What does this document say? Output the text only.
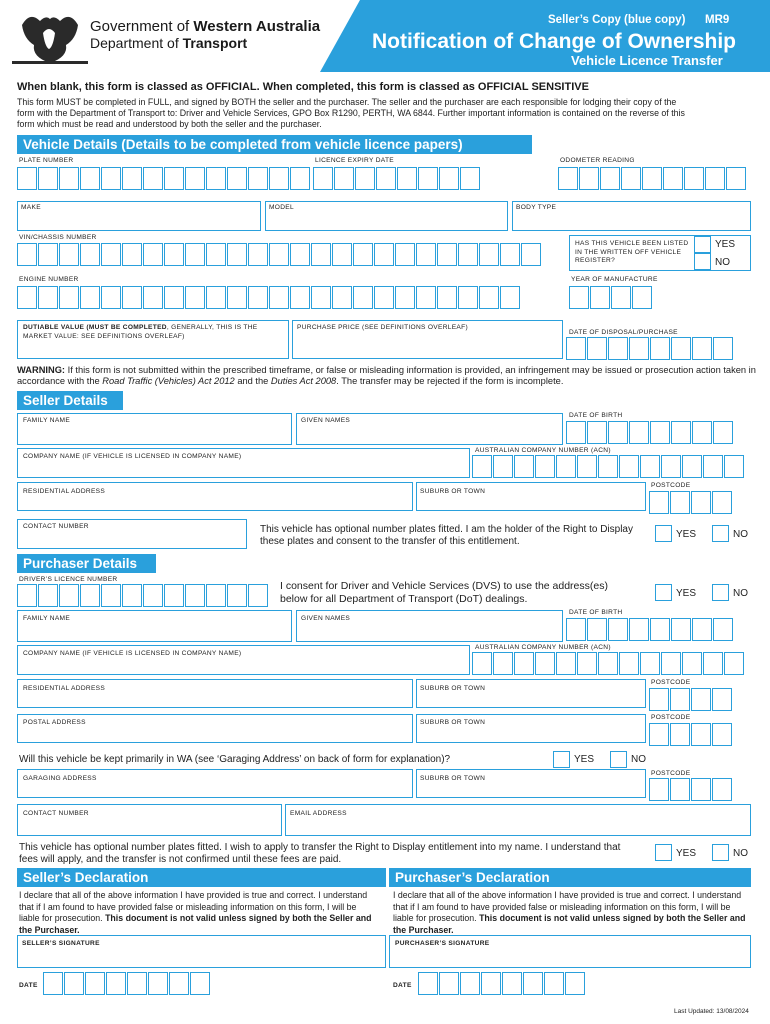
Government of Western Australia
Department of Transport
Seller’s Copy (blue copy) MR9
Notification of Change of Ownership
Vehicle Licence Transfer
When blank, this form is classed as OFFICIAL. When completed, this form is classed as OFFICIAL SENSITIVE
This form MUST be completed in FULL, and signed by BOTH the seller and the purchaser. The seller and the purchaser are each responsible for lodging their copy of the form with the Department of Transport to: Driver and Vehicle Services, GPO Box R1290, PERTH, WA 6844. Further important information is contained on the reverse of this form which must be read and understood by both the seller and the purchaser.
Vehicle Details (Details to be completed from vehicle licence papers)
PLATE NUMBER	LICENCE EXPIRY DATE	ODOMETER READING
MAKE	MODEL	BODY TYPE
VIN/CHASSIS NUMBER
HAS THIS VEHICLE BEEN LISTED IN THE WRITTEN OFF VEHICLE REGISTER?
YES
NO
ENGINE NUMBER	YEAR OF MANUFACTURE
DUTIABLE VALUE (MUST BE COMPLETED, GENERALLY, THIS IS THE MARKET VALUE: SEE DEFINITIONS OVERLEAF)
PURCHASE PRICE (SEE DEFINITIONS OVERLEAF)
DATE OF DISPOSAL/PURCHASE
WARNING: If this form is not submitted within the prescribed timeframe, or false or misleading information is provided, an infringement may be issued or prosecution action taken in accordance with the Road Traffic (Vehicles) Act 2012 and the Duties Act 2008. The transfer may be rejected if the form is incomplete.
Seller Details
FAMILY NAME	GIVEN NAMES
DATE OF BIRTH
COMPANY NAME (IF VEHICLE IS LICENSED IN COMPANY NAME)
AUSTRALIAN COMPANY NUMBER (ACN)
RESIDENTIAL ADDRESS	SUBURB OR TOWN
POSTCODE
CONTACT NUMBER	This vehicle has optional number plates fitted. I am the holder of the Right to Display these plates and consent to the transfer of this entitlement.
YES	NO
Purchaser Details
DRIVER’S LICENCE NUMBER
I consent for Driver and Vehicle Services (DVS) to use the address(es) below for all Department of Transport (DoT) dealings.	YES	NO
FAMILY NAME	GIVEN NAMES
DATE OF BIRTH
COMPANY NAME (IF VEHICLE IS LICENSED IN COMPANY NAME)
AUSTRALIAN COMPANY NUMBER (ACN)
RESIDENTIAL ADDRESS	SUBURB OR TOWN
POSTCODE
POSTAL ADDRESS	SUBURB OR TOWN
POSTCODE
Will this vehicle be kept primarily in WA (see ‘Garaging Address’ on back of form for explanation)?	YES	NO
GARAGING ADDRESS	SUBURB OR TOWN
POSTCODE
CONTACT NUMBER	EMAIL ADDRESS
This vehicle has optional number plates fitted. I wish to apply to transfer the Right to Display entitlement into my name. I understand that fees will apply, and the transfer is not confirmed until these fees are paid.	YES	NO
Seller’s Declaration	Purchaser’s Declaration
I declare that all of the above information I have provided is true and correct. I understand that if I am found to have provided false or misleading information on this form, I will be liable for prosecution. This document is not valid unless signed by both the Seller and the Purchaser.
I declare that all of the above information I have provided is true and correct. I understand that if I am found to have provided false or misleading information on this form, I will be liable for prosecution. This document is not valid unless signed by both the Seller and the Purchaser.
SELLER’S SIGNATURE	PURCHASER’S SIGNATURE
DATE	DATE
Last Updated: 13/08/2024
